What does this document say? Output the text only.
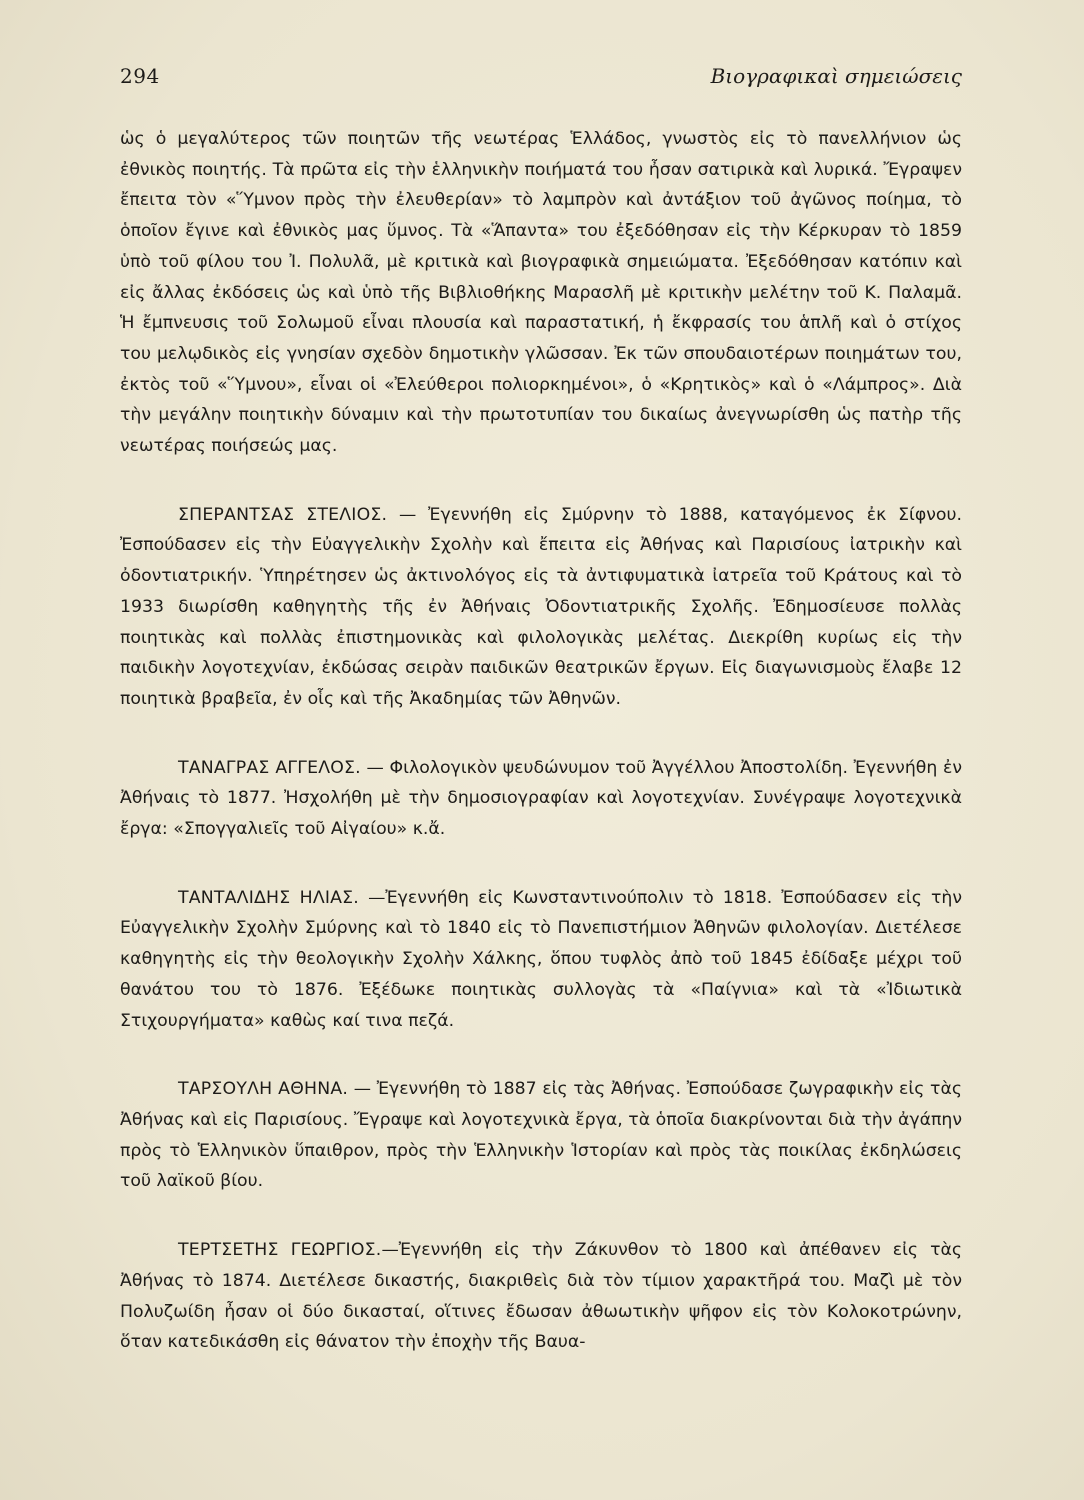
294	Βιογραφικαὶ σημειώσεις

ὡς ὁ μεγαλύτερος τῶν ποιητῶν τῆς νεωτέρας Ἑλλάδος, γνωστὸς εἰς τὸ πανελλήνιον ὡς ἐθνικὸς ποιητής. Τὰ πρῶτα εἰς τὴν ἑλληνικὴν ποιήματά του ἦσαν σατιρικὰ καὶ λυρικά. Ἔγραψεν ἔπειτα τὸν «Ὕμνον πρὸς τὴν ἐλευθερίαν» τὸ λαμπρὸν καὶ ἀντάξιον τοῦ ἀγῶνος ποίημα, τὸ ὁποῖον ἔγινε καὶ ἐθνικὸς μας ὕμνος. Τὰ «Ἅπαντα» του ἐξεδόθησαν εἰς τὴν Κέρκυραν τὸ 1859 ὑπὸ τοῦ φίλου του Ἰ. Πολυλᾶ, μὲ κριτικὰ καὶ βιογραφικὰ σημειώματα. Ἐξεδόθησαν κατόπιν καὶ εἰς ἄλλας ἐκδόσεις ὡς καὶ ὑπὸ τῆς Βιβλιοθήκης Μαρασλῆ μὲ κριτικὴν μελέτην τοῦ Κ. Παλαμᾶ. Ἡ ἔμπνευσις τοῦ Σολωμοῦ εἶναι πλουσία καὶ παραστατική, ἡ ἔκφρασίς του ἁπλῆ καὶ ὁ στίχος του μελῳδικὸς εἰς γνησίαν σχεδὸν δημοτικὴν γλῶσσαν. Ἐκ τῶν σπουδαιοτέρων ποιημάτων του, ἐκτὸς τοῦ «Ὕμνου», εἶναι οἱ «Ἐλεύθεροι πολιορκημένοι», ὁ «Κρητικὸς» καὶ ὁ «Λάμπρος». Διὰ τὴν μεγάλην ποιητικὴν δύναμιν καὶ τὴν πρωτοτυπίαν του δικαίως ἀνεγνωρίσθη ὡς πατὴρ τῆς νεωτέρας ποιήσεώς μας.

ΣΠΕΡΑΝΤΣΑΣ ΣΤΕΛΙΟΣ. — Ἐγεννήθη εἰς Σμύρνην τὸ 1888, καταγόμενος ἐκ Σίφνου. Ἐσπούδασεν εἰς τὴν Εὐαγγελικὴν Σχολὴν καὶ ἔπειτα εἰς Ἀθήνας καὶ Παρισίους ἰατρικὴν καὶ ὀδοντιατρικήν. Ὑπηρέτησεν ὡς ἀκτινολόγος εἰς τὰ ἀντιφυματικὰ ἰατρεῖα τοῦ Κράτους καὶ τὸ 1933 διωρίσθη καθηγητὴς τῆς ἐν Ἀθήναις Ὀδοντιατρικῆς Σχολῆς. Ἐδημοσίευσε πολλὰς ποιητικὰς καὶ πολλὰς ἐπιστημονικὰς καὶ φιλολογικὰς μελέτας. Διεκρίθη κυρίως εἰς τὴν παιδικὴν λογοτεχνίαν, ἐκδώσας σειρὰν παιδικῶν θεατρικῶν ἔργων. Εἰς διαγωνισμοὺς ἔλαβε 12 ποιητικὰ βραβεῖα, ἐν οἷς καὶ τῆς Ἀκαδημίας τῶν Ἀθηνῶν.

ΤΑΝΑΓΡΑΣ ΑΓΓΕΛΟΣ. — Φιλολογικὸν ψευδώνυμον τοῦ Ἀγγέλλου Ἀποστολίδη. Ἐγεννήθη ἐν Ἀθήναις τὸ 1877. Ἠσχολήθη μὲ τὴν δημοσιογραφίαν καὶ λογοτεχνίαν. Συνέγραψε λογοτεχνικὰ ἔργα: «Σπογγαλιεῖς τοῦ Αἰγαίου» κ.ἄ.

ΤΑΝΤΑΛΙΔΗΣ ΗΛΙΑΣ. —Ἐγεννήθη εἰς Κωνσταντινούπολιν τὸ 1818. Ἐσπούδασεν εἰς τὴν Εὐαγγελικὴν Σχολὴν Σμύρνης καὶ τὸ 1840 εἰς τὸ Πανεπιστήμιον Ἀθηνῶν φιλολογίαν. Διετέλεσε καθηγητὴς εἰς τὴν θεολογικὴν Σχολὴν Χάλκης, ὅπου τυφλὸς ἀπὸ τοῦ 1845 ἐδίδαξε μέχρι τοῦ θανάτου του τὸ 1876. Ἐξέδωκε ποιητικὰς συλλογὰς τὰ «Παίγνια» καὶ τὰ «Ἰδιωτικὰ Στιχουργήματα» καθὼς καί τινα πεζά.

ΤΑΡΣΟΥΛΗ ΑΘΗΝΑ. — Ἐγεννήθη τὸ 1887 εἰς τὰς Ἀθήνας. Ἐσπούδασε ζωγραφικὴν εἰς τὰς Ἀθήνας καὶ εἰς Παρισίους. Ἔγραψε καὶ λογοτεχνικὰ ἔργα, τὰ ὁποῖα διακρίνονται διὰ τὴν ἀγάπην πρὸς τὸ Ἑλληνικὸν ὕπαιθρον, πρὸς τὴν Ἑλληνικὴν Ἱστορίαν καὶ πρὸς τὰς ποικίλας ἐκδηλώσεις τοῦ λαϊκοῦ βίου.

ΤΕΡΤΣΕΤΗΣ ΓΕΩΡΓΙΟΣ.—Ἐγεννήθη εἰς τὴν Ζάκυνθον τὸ 1800 καὶ ἀπέθανεν εἰς τὰς Ἀθήνας τὸ 1874. Διετέλεσε δικαστής, διακριθεὶς διὰ τὸν τίμιον χαρακτῆρά του. Μαζὶ μὲ τὸν Πολυζωίδη ἦσαν οἱ δύο δικασταί, οἵτινες ἔδωσαν ἀθωωτικὴν ψῆφον εἰς τὸν Κολοκοτρώνην, ὅταν κατεδικάσθη εἰς θάνατον τὴν ἐποχὴν τῆς Βαυα-
